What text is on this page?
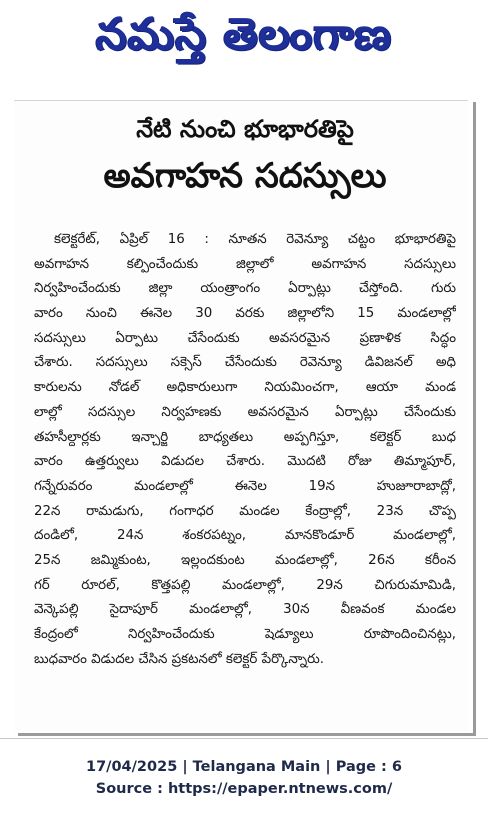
నమస్తే తెలంగాణ
నేటి నుంచి భూభారతిపై
అవగాహన సదస్సులు
కలెక్టరేట్, ఏప్రిల్ 16 : నూతన రెవెన్యూ చట్టం భూభారతిపై
అవగాహన కల్పించేందుకు జిల్లాలో అవగాహన సదస్సులు
నిర్వహించేందుకు జిల్లా యంత్రాంగం ఏర్పాట్లు చేస్తోంది. గురు
వారం నుంచి ఈనెల 30 వరకు జిల్లాలోని 15 మండలాల్లో
సదస్సులు ఏర్పాటు చేసేందుకు అవసరమైన ప్రణాళిక సిద్ధం
చేశారు. సదస్సులు సక్సెస్ చేసేందుకు రెవెన్యూ డివిజనల్ అధి
కారులను నోడల్ అధికారులుగా నియమించగా, ఆయా మండ
లాల్లో సదస్సుల నిర్వహణకు అవసరమైన ఏర్పాట్లు చేసేందుకు
తహసీల్దార్లకు ఇన్చార్జి బాధ్యతలు అప్పగిస్తూ, కలెక్టర్ బుధ
వారం ఉత్తర్వులు విడుదల చేశారు. మొదటి రోజు తిమ్మాపూర్,
గన్నేరువరం మండలాల్లో ఈనెల 19న హుజూరాబాద్లో,
22న రామడుగు, గంగాధర మండల కేంద్రాల్లో, 23న చొప్ప
దండిలో, 24న శంకరపట్నం, మానకొండూర్ మండలాల్లో,
25న జమ్మికుంట, ఇల్లందకుంట మండలాల్లో, 26న కరీంన
గర్ రూరల్, కొత్తపల్లి మండలాల్లో, 29న చిగురుమామిడి,
వెన్కెపల్లి సైదాపూర్ మండలాల్లో, 30న వీణవంక మండల
కేంద్రంలో నిర్వహించేందుకు షెడ్యూలు రూపొందించినట్లు,
బుధవారం విడుదల చేసిన ప్రకటనలో కలెక్టర్ పేర్కొన్నారు.
17/04/2025 | Telangana Main | Page : 6
Source : https://epaper.ntnews.com/
